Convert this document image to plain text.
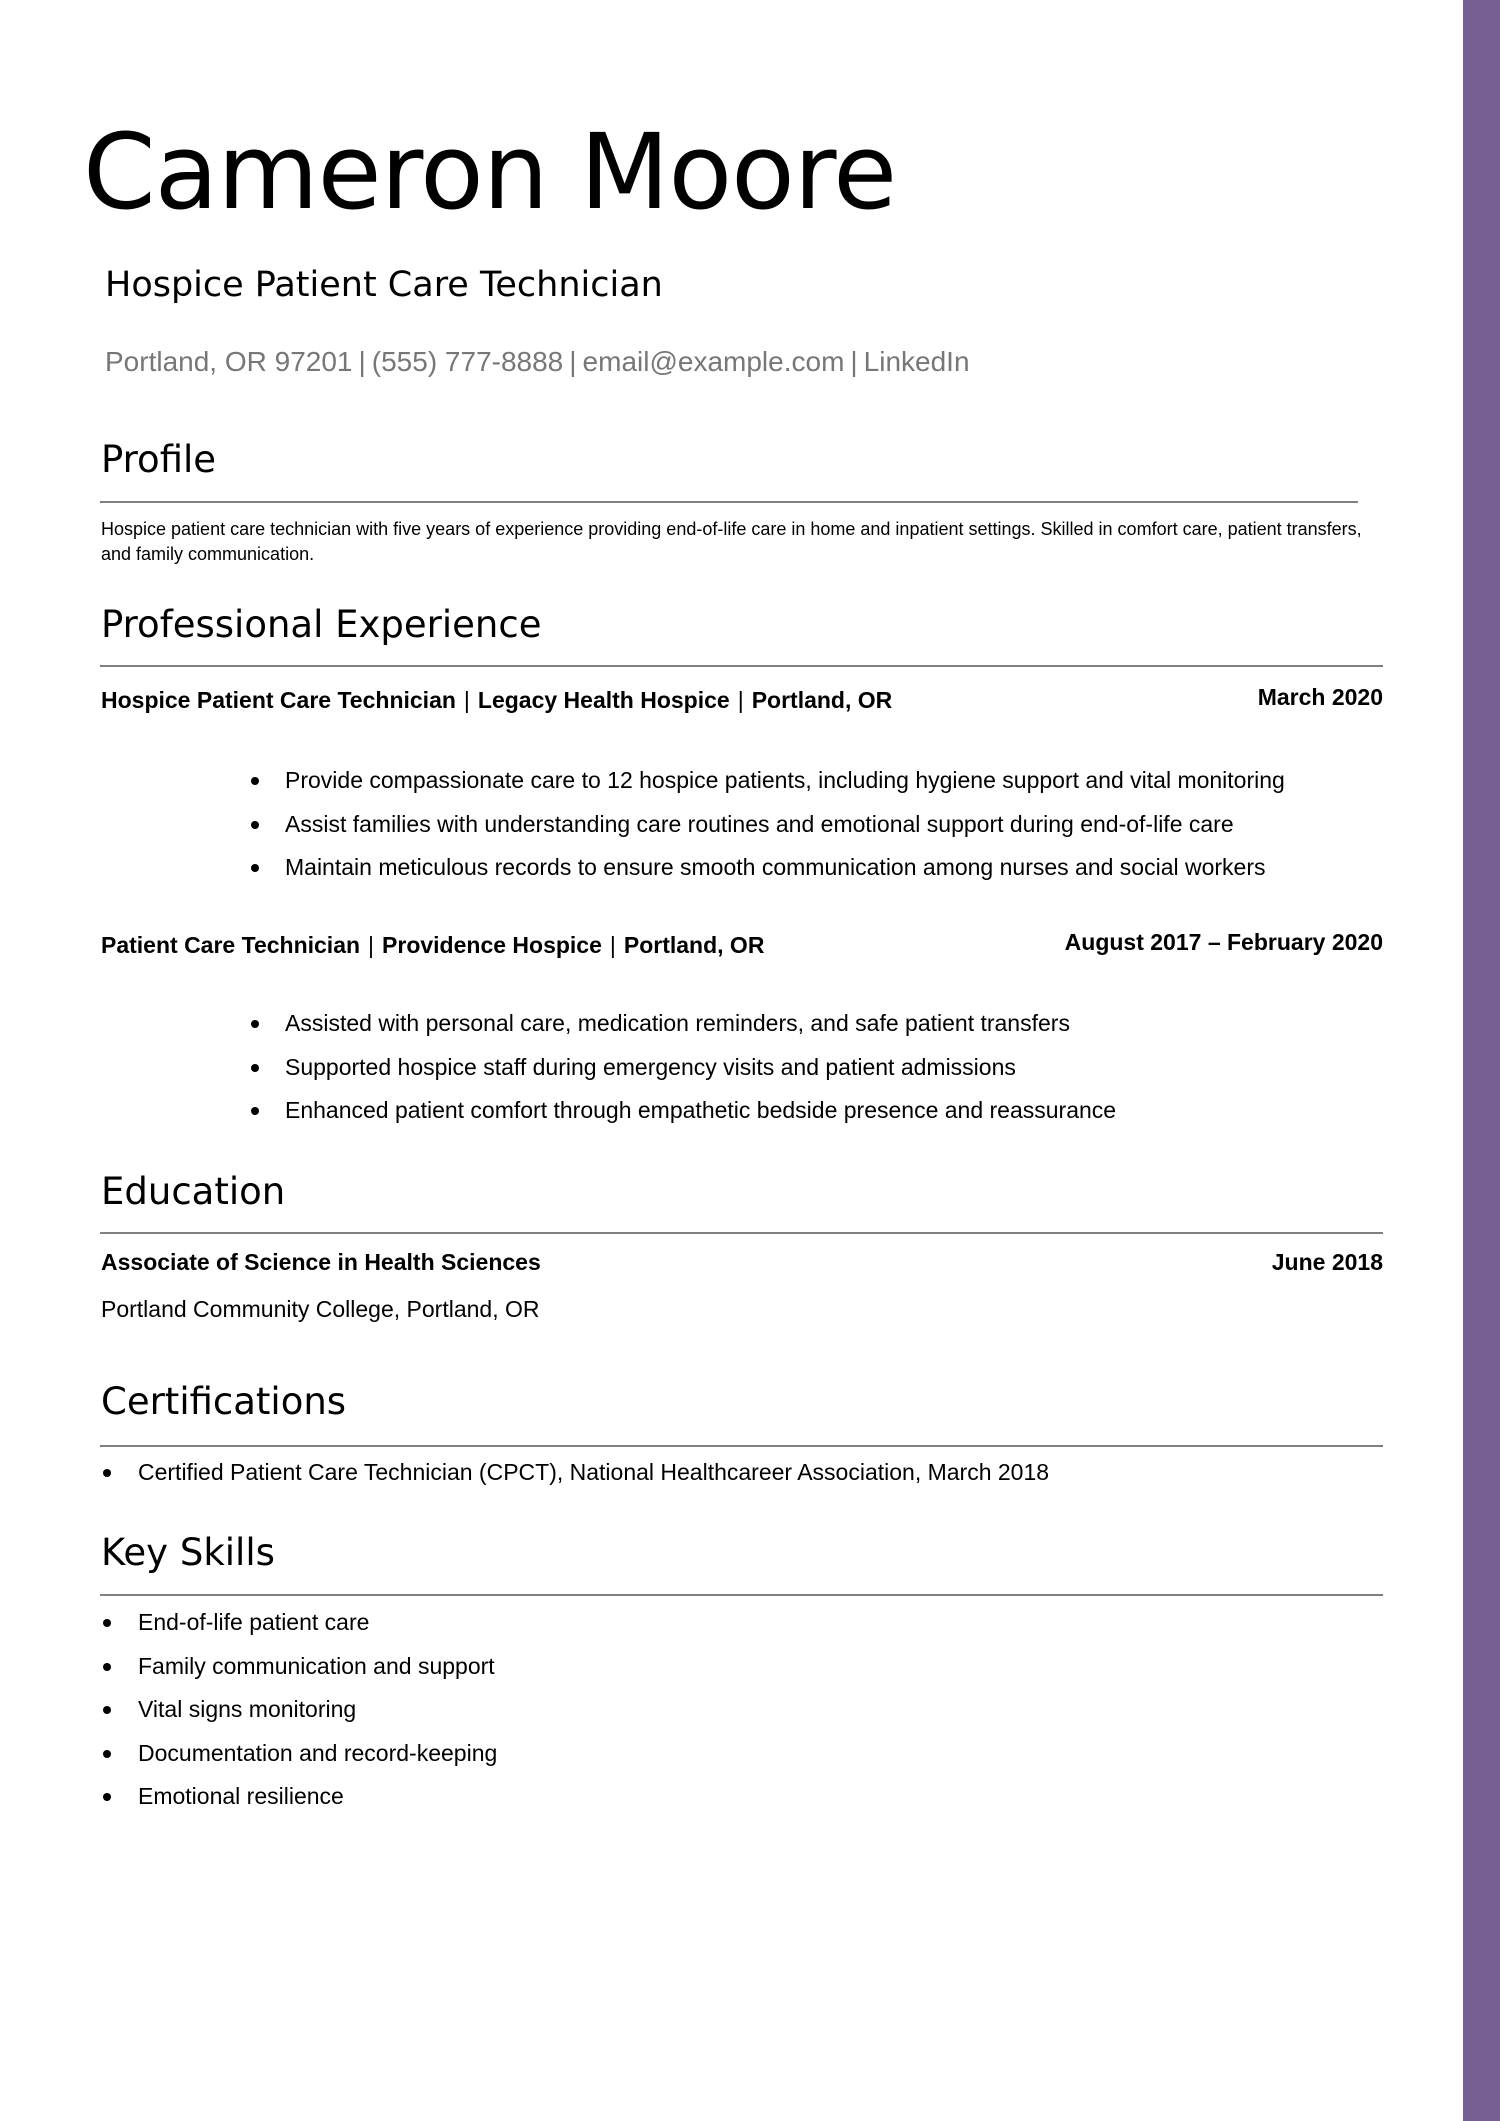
Cameron Moore
Hospice Patient Care Technician
Portland, OR 97201 | (555) 777-8888 | email@example.com | LinkedIn
Profile
Hospice patient care technician with five years of experience providing end-of-life care in home and inpatient settings. Skilled in comfort care, patient transfers, and family communication.
Professional Experience
Hospice Patient Care Technician | Legacy Health Hospice | Portland, OR	March 2020
Provide compassionate care to 12 hospice patients, including hygiene support and vital monitoring
Assist families with understanding care routines and emotional support during end-of-life care
Maintain meticulous records to ensure smooth communication among nurses and social workers
Patient Care Technician | Providence Hospice | Portland, OR	August 2017 – February 2020
Assisted with personal care, medication reminders, and safe patient transfers
Supported hospice staff during emergency visits and patient admissions
Enhanced patient comfort through empathetic bedside presence and reassurance
Education
Associate of Science in Health Sciences	June 2018
Portland Community College, Portland, OR
Certifications
Certified Patient Care Technician (CPCT), National Healthcareer Association, March 2018
Key Skills
End-of-life patient care
Family communication and support
Vital signs monitoring
Documentation and record-keeping
Emotional resilience
